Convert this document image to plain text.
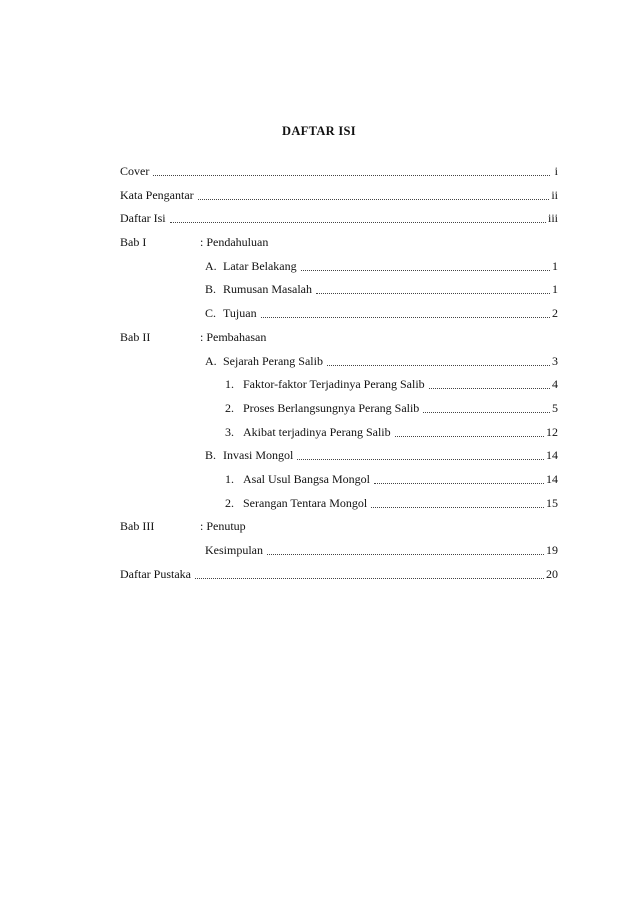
DAFTAR ISI
Cover	i
Kata Pengantar	ii
Daftar Isi	iii
Bab I	: Pendahuluan
A. Latar Belakang	1
B. Rumusan Masalah	1
C. Tujuan	2
Bab II	: Pembahasan
A. Sejarah Perang Salib	3
1. Faktor-faktor Terjadinya Perang Salib	4
2. Proses Berlangsungnya Perang Salib	5
3. Akibat terjadinya Perang Salib	12
B. Invasi Mongol	14
1. Asal Usul Bangsa Mongol	14
2. Serangan Tentara Mongol	15
Bab III	: Penutup
Kesimpulan	19
Daftar Pustaka	20
